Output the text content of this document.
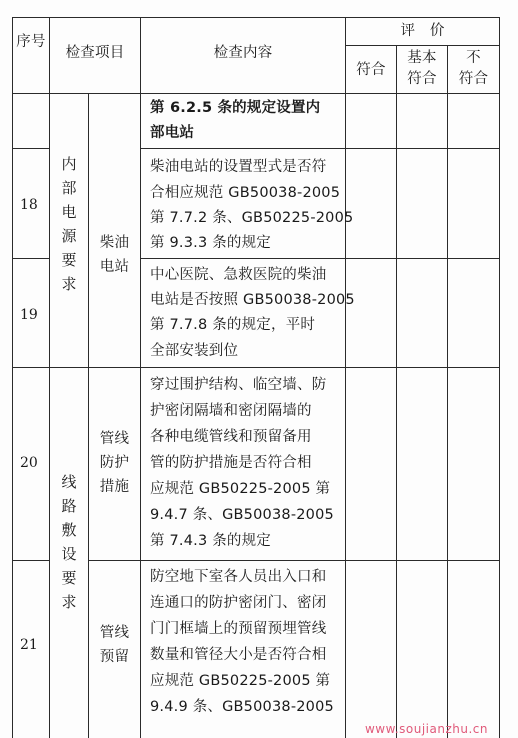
序号
检查项目	检查内容
评　价
符合
基本
符合
不
符合
第 6.2.5 条的规定设置内
部电站
内
部
电
源
要
求
线
路
敷
设
要
求
柴油
电站
管线
防护
措施
管线
预留
18
19
20
21
柴油电站的设置型式是否符
合相应规范 GB50038-2005
第 7.7.2 条、GB50225-2005
第 9.3.3 条的规定
中心医院、急救医院的柴油
电站是否按照 GB50038-2005
第 7.7.8 条的规定，平时
全部安装到位
穿过围护结构、临空墙、防
护密闭隔墙和密闭隔墙的
各种电缆管线和预留备用
管的防护措施是否符合相
应规范 GB50225-2005 第
9.4.7 条、GB50038-2005
第 7.4.3 条的规定
防空地下室各人员出入口和
连通口的防护密闭门、密闭
门门框墙上的预留预埋管线
数量和管径大小是否符合相
应规范 GB50225-2005 第
9.4.9 条、GB50038-2005
www.soujianzhu.cn
